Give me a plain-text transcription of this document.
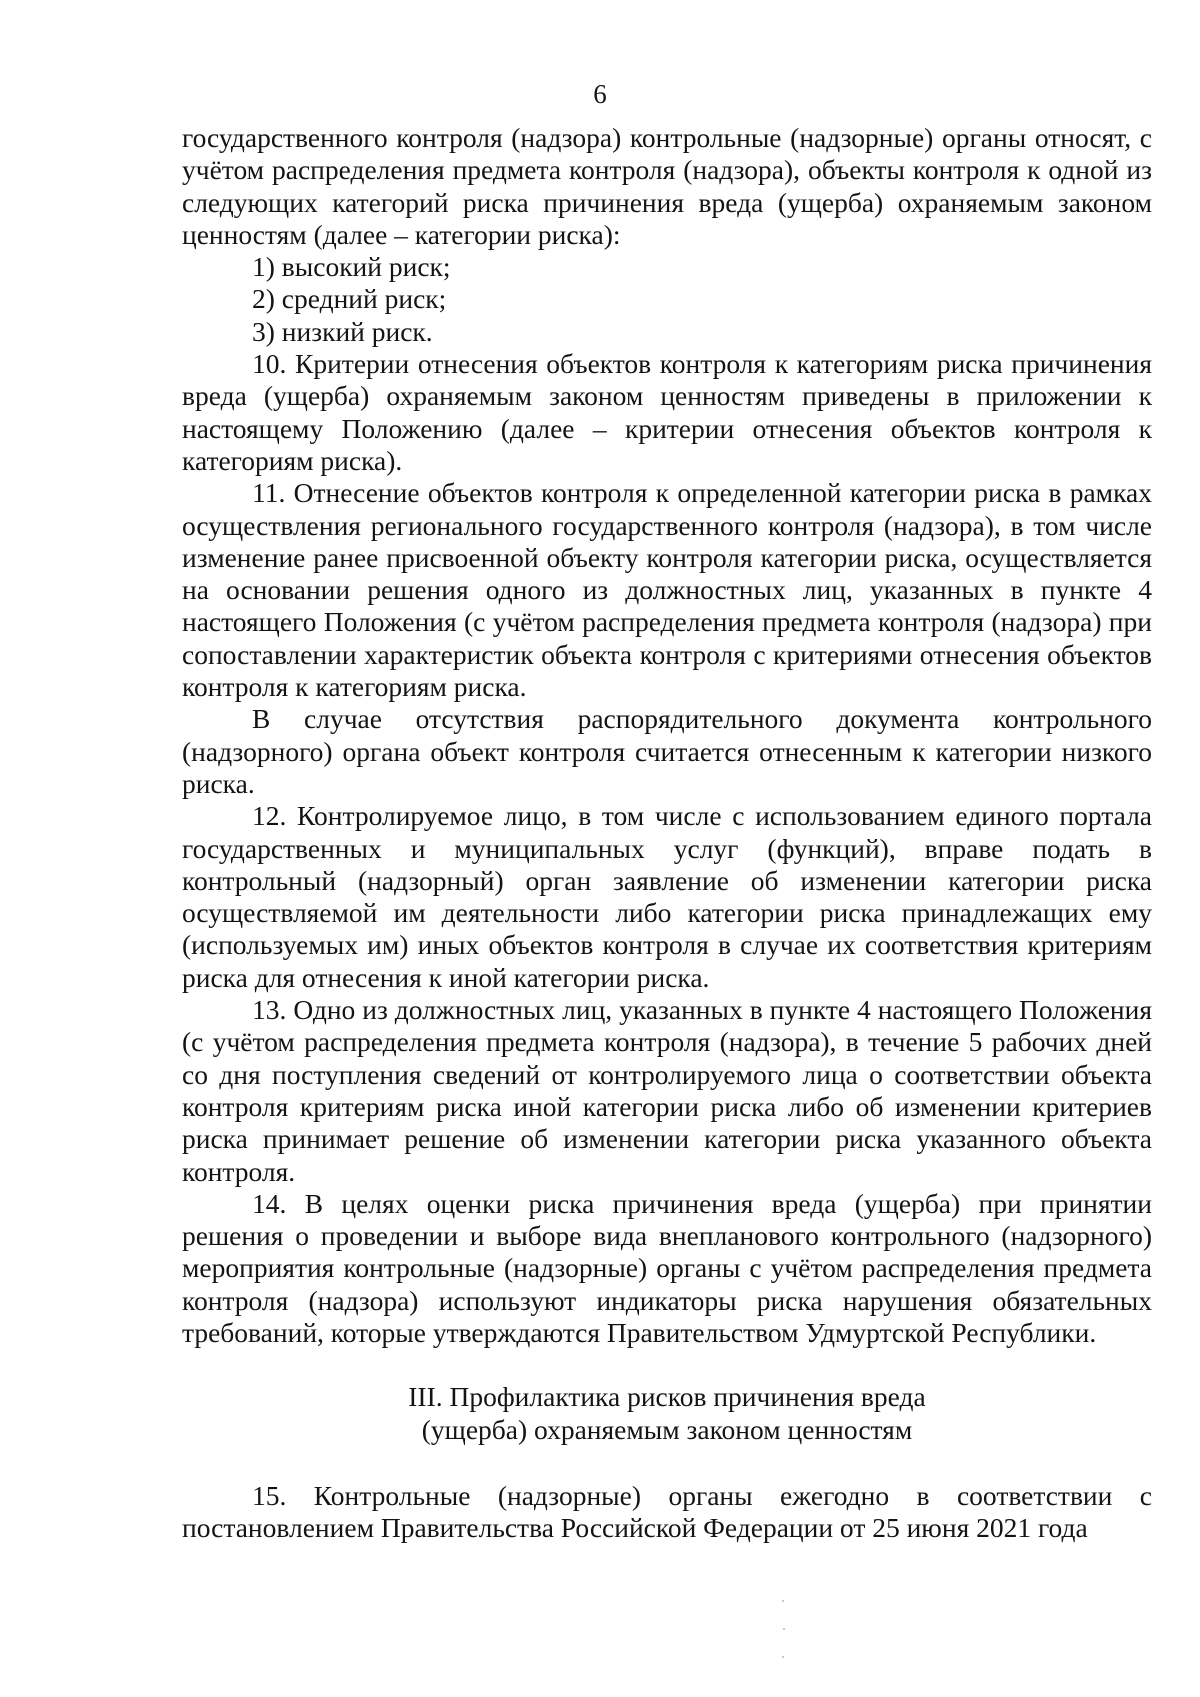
6

государственного контроля (надзора) контрольные (надзорные) органы относят, с учётом распределения предмета контроля (надзора), объекты контроля к одной из следующих категорий риска причинения вреда (ущерба) охраняемым законом ценностям (далее – категории риска):

1) высокий риск;

2) средний риск;

3) низкий риск.

10. Критерии отнесения объектов контроля к категориям риска причинения вреда (ущерба) охраняемым законом ценностям приведены в приложении к настоящему Положению (далее – критерии отнесения объектов контроля к категориям риска).

11. Отнесение объектов контроля к определенной категории риска в рамках осуществления регионального государственного контроля (надзора), в том числе изменение ранее присвоенной объекту контроля категории риска, осуществляется на основании решения одного из должностных лиц, указанных в пункте 4 настоящего Положения (с учётом распределения предмета контроля (надзора) при сопоставлении характеристик объекта контроля с критериями отнесения объектов контроля к категориям риска.

В случае отсутствия распорядительного документа контрольного (надзорного) органа объект контроля считается отнесенным к категории низкого риска.

12. Контролируемое лицо, в том числе с использованием единого портала государственных и муниципальных услуг (функций), вправе подать в контрольный (надзорный) орган заявление об изменении категории риска осуществляемой им деятельности либо категории риска принадлежащих ему (используемых им) иных объектов контроля в случае их соответствия критериям риска для отнесения к иной категории риска.

13. Одно из должностных лиц, указанных в пункте 4 настоящего Положения (с учётом распределения предмета контроля (надзора), в течение 5 рабочих дней со дня поступления сведений от контролируемого лица о соответствии объекта контроля критериям риска иной категории риска либо об изменении критериев риска принимает решение об изменении категории риска указанного объекта контроля.

14. В целях оценки риска причинения вреда (ущерба) при принятии решения о проведении и выборе вида внепланового контрольного (надзорного) мероприятия контрольные (надзорные) органы с учётом распределения предмета контроля (надзора) используют индикаторы риска нарушения обязательных требований, которые утверждаются Правительством Удмуртской Республики.

III. Профилактика рисков причинения вреда
(ущерба) охраняемым законом ценностям

15. Контрольные (надзорные) органы ежегодно в соответствии с постановлением Правительства Российской Федерации от 25 июня 2021 года
